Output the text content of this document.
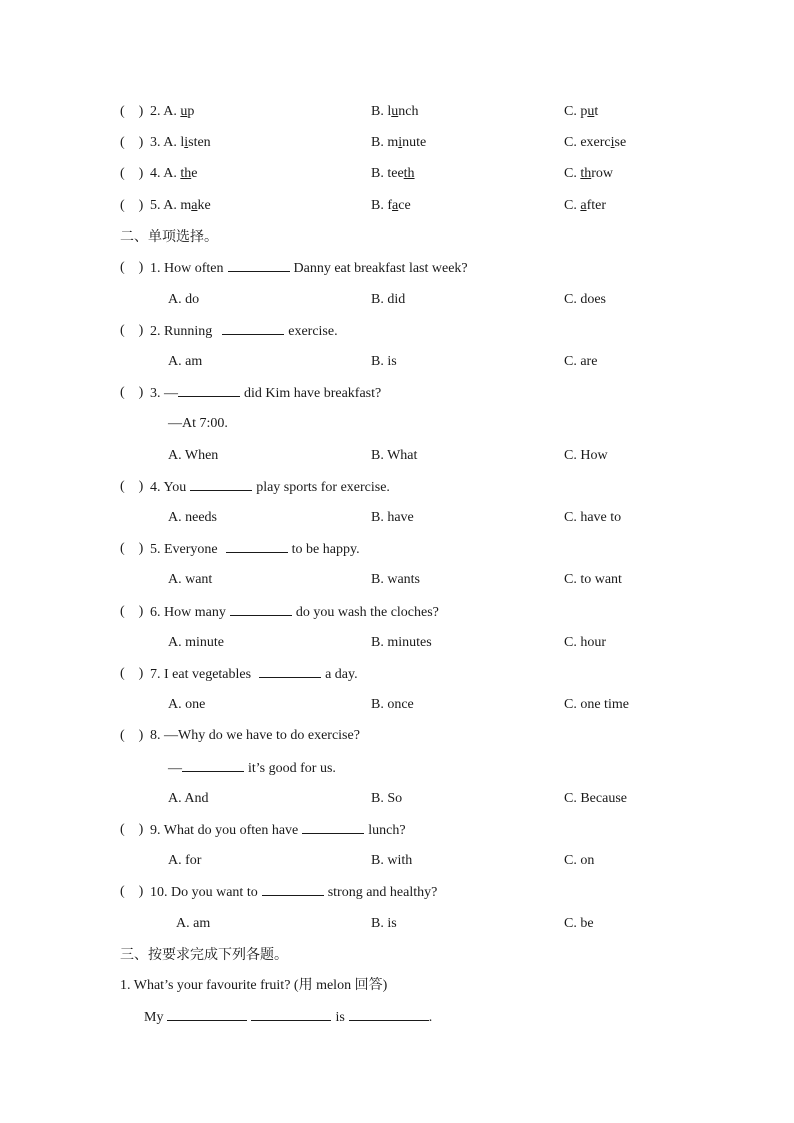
(    ) 2. A. up	B. lunch	C. put
(    ) 3. A. listen	B. minute	C. exercise
(    ) 4. A. the	B. teeth	C. throw
(    ) 5. A. make	B. face	C. after
二、单项选择。
(    ) 1. How often	Danny eat breakfast last week?
A. do	B. did	C. does
(    ) 2. Running	exercise.
A. am	B. is	C. are
(    ) 3. —	did Kim have breakfast?
—At 7:00.
A. When	B. What	C. How
(    ) 4. You	play sports for exercise.
A. needs	B. have	C. have to
(    ) 5. Everyone	to be happy.
A. want	B. wants	C. to want
(    ) 6. How many	do you wash the cloches?
A. minute	B. minutes	C. hour
(    ) 7. I eat vegetables	a day.
A. one	B. once	C. one time
(    ) 8. —Why do we have to do exercise?
—	it’s good for us.
A. And	B. So	C. Because
(    ) 9. What do you often have	lunch?
A. for	B. with	C. on
(    ) 10. Do you want to	strong and healthy?
A. am	B. is	C. be
三、按要求完成下列各题。
1. What’s your favourite fruit? (用 melon 回答)
My	is	.
